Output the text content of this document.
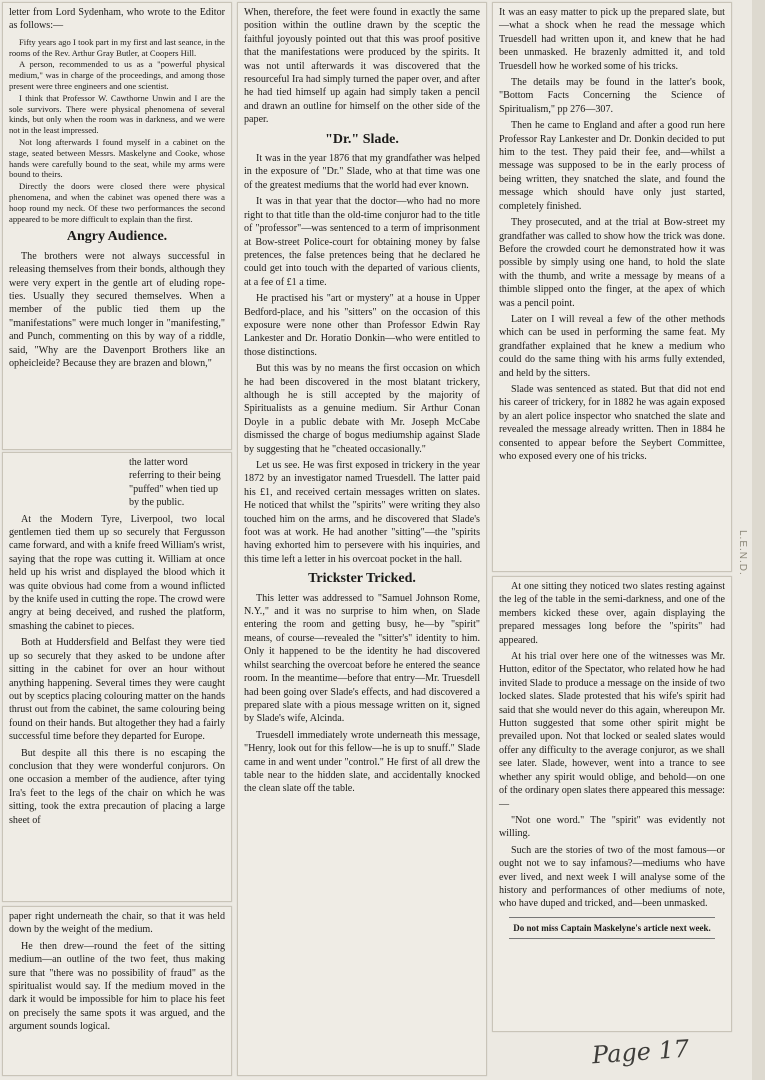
letter from Lord Sydenham, who wrote to the Editor as follows:—

Fifty years ago I took part in my first and last seance, in the rooms of the Rev. Arthur Gray Butler, at Coopers Hill.

A person, recommended to us as a "powerful physical medium," was in charge of the proceedings, and among those present were three engineers and one scientist.

I think that Professor W. Cawthorne Unwin and I are the sole survivors. There were physical phenomena of several kinds, but only when the room was in darkness, and we were not in the least impressed.

Not long afterwards I found myself in a cabinet on the stage, seated between Messrs. Maskelyne and Cooke, whose hands were carefully bound to the seat, while my arms were bound to theirs.

Directly the doors were closed there were physical phenomena, and when the cabinet was opened there was a hoop round my neck. Of these two performances the second appeared to be more difficult to explain than the first.

Angry Audience.

The brothers were not always successful in releasing themselves from their bonds, although they were very expert in the gentle art of eluding rope-ties. Usually they secured themselves. When a member of the public tied them up the "manifestations" were much longer in "manifesting," and Punch, commenting on this by way of a riddle, said, "Why are the Davenport Brothers like an opheicleide? Because they are brazen and blown,"

the latter word referring to their being "puffed" when tied up by the public.

At the Modern Tyre, Liverpool, two local gentlemen tied them up so securely that Fergusson came forward, and with a knife freed William's wrist, saying that the rope was cutting it. William at once held up his wrist and displayed the blood which it was quite obvious had come from a wound inflicted by the knife used in cutting the rope. The crowd were angry at being deceived, and rushed the platform, smashing the cabinet to pieces.

Both at Huddersfield and Belfast they were tied up so securely that they asked to be undone after sitting in the cabinet for over an hour without anything happening. Several times they were caught out by sceptics placing colouring matter on the hands thrust out from the cabinet, the same colouring being found on their hands. But altogether they had a fairly successful time before they departed for Europe.

But despite all this there is no escaping the conclusion that they were wonderful conjurors. On one occasion a member of the audience, after tying Ira's feet to the legs of the chair on which he was sitting, took the extra precaution of placing a large sheet of

paper right underneath the chair, so that it was held down by the weight of the medium.

He then drew—round the feet of the sitting medium—an outline of the two feet, thus making sure that "there was no possibility of fraud" as the spiritualist would say. If the medium moved in the dark it would be impossible for him to place his feet on precisely the same spots it was argued, and the argument sounds logical.

When, therefore, the feet were found in exactly the same position within the outline drawn by the sceptic the faithful joyously pointed out that this was proof positive that the manifestations were produced by the spirits. It was not until afterwards it was discovered that the resourceful Ira had simply turned the paper over, and after he had tied himself up again had simply taken a pencil and drawn an outline for himself on the other side of the paper.

"Dr." Slade.

It was in the year 1876 that my grandfather was helped in the exposure of "Dr." Slade, who at that time was one of the greatest mediums that the world had ever known.

It was in that year that the doctor—who had no more right to that title than the old-time conjuror had to the title of "professor"—was sentenced to a term of imprisonment at Bow-street Police-court for obtaining money by false pretences, the false pretences being that he declared he could get into touch with the departed of various clients, at a fee of £1 a time.

He practised his "art or mystery" at a house in Upper Bedford-place, and his "sitters" on the occasion of this exposure were none other than Professor Edwin Ray Lankester and Dr. Horatio Donkin—who were entitled to those distinctions.

But this was by no means the first occasion on which he had been discovered in the most blatant trickery, although he is still accepted by the majority of Spiritualists as a genuine medium. Sir Arthur Conan Doyle in a public debate with Mr. Joseph McCabe dismissed the charge of bogus mediumship against Slade by suggesting that he "cheated occasionally."

Let us see. He was first exposed in trickery in the year 1872 by an investigator named Truesdell. The latter paid his £1, and received certain messages written on slates. He noticed that whilst the "spirits" were writing they also touched him on the arms, and he discovered that Slade's foot was at work. He had another "sitting"—the "spirits having exhorted him to persevere with his inquiries, and this time left a letter in his overcoat pocket in the hall.

Trickster Tricked.

This letter was addressed to "Samuel Johnson Rome, N.Y.," and it was no surprise to him when, on Slade entering the room and getting busy, he—by "spirit" means, of course—revealed the "sitter's" identity to him. Only it happened to be the identity he had discovered whilst searching the overcoat before he entered the seance room. In the meantime—before that entry—Mr. Truesdell had been going over Slade's effects, and had discovered a prepared slate with a pious message written on it, signed by Slade's wife, Alcinda.

Truesdell immediately wrote underneath this message, "Henry, look out for this fellow—he is up to snuff." Slade came in and went under "control." He first of all drew the table near to the hidden slate, and accidentally knocked the clean slate off the table.

It was an easy matter to pick up the prepared slate, but—what a shock when he read the message which Truesdell had written upon it, and knew that he had been unmasked. He brazenly admitted it, and told Truesdell how he worked some of his tricks.

The details may be found in the latter's book, "Bottom Facts Concerning the Science of Spiritualism," pp 276—307.

Then he came to England and after a good run here Professor Ray Lankester and Dr. Donkin decided to put him to the test. They paid their fee, and—whilst a message was supposed to be in the early process of being written, they snatched the slate, and found the message which should have only just started, completely finished.

They prosecuted, and at the trial at Bow-street my grandfather was called to show how the trick was done. Before the crowded court he demonstrated how it was possible by simply using one hand, to hold the slate with the thumb, and write a message by means of a thimble slipped onto the finger, at the apex of which was a pencil point.

Later on I will reveal a few of the other methods which can be used in performing the same feat. My grandfather explained that he knew a medium who could do the same thing with his arms fully extended, and held by the sitters.

Slade was sentenced as stated. But that did not end his career of trickery, for in 1882 he was again exposed by an alert police inspector who snatched the slate and revealed the message already written. Then in 1884 he consented to appear before the Seybert Committee, who exposed every one of his tricks.

At one sitting they noticed two slates resting against the leg of the table in the semi-darkness, and one of the members kicked these over, again displaying the prepared messages long before the "spirits" had appeared.

At his trial over here one of the witnesses was Mr. Hutton, editor of the Spectator, who related how he had invited Slade to produce a message on the inside of two locked slates. Slade protested that his wife's spirit had said that she would never do this again, whereupon Mr. Hutton suggested that some other spirit might be prevailed upon. Not that locked or sealed slates would offer any difficulty to the average conjuror, as we shall see later. Slade, however, went into a trance to see whether any spirit would oblige, and behold—on one of the ordinary open slates there appeared this message:—

"Not one word." The "spirit" was evidently not willing.

Such are the stories of two of the most famous—or ought not we to say infamous?—mediums who have ever lived, and next week I will analyse some of the history and performances of other mediums of note, who have duped and tricked, and—been unmasked.

Do not miss Captain Maskelyne's article next week.
L.E.N.D.
Page 17
